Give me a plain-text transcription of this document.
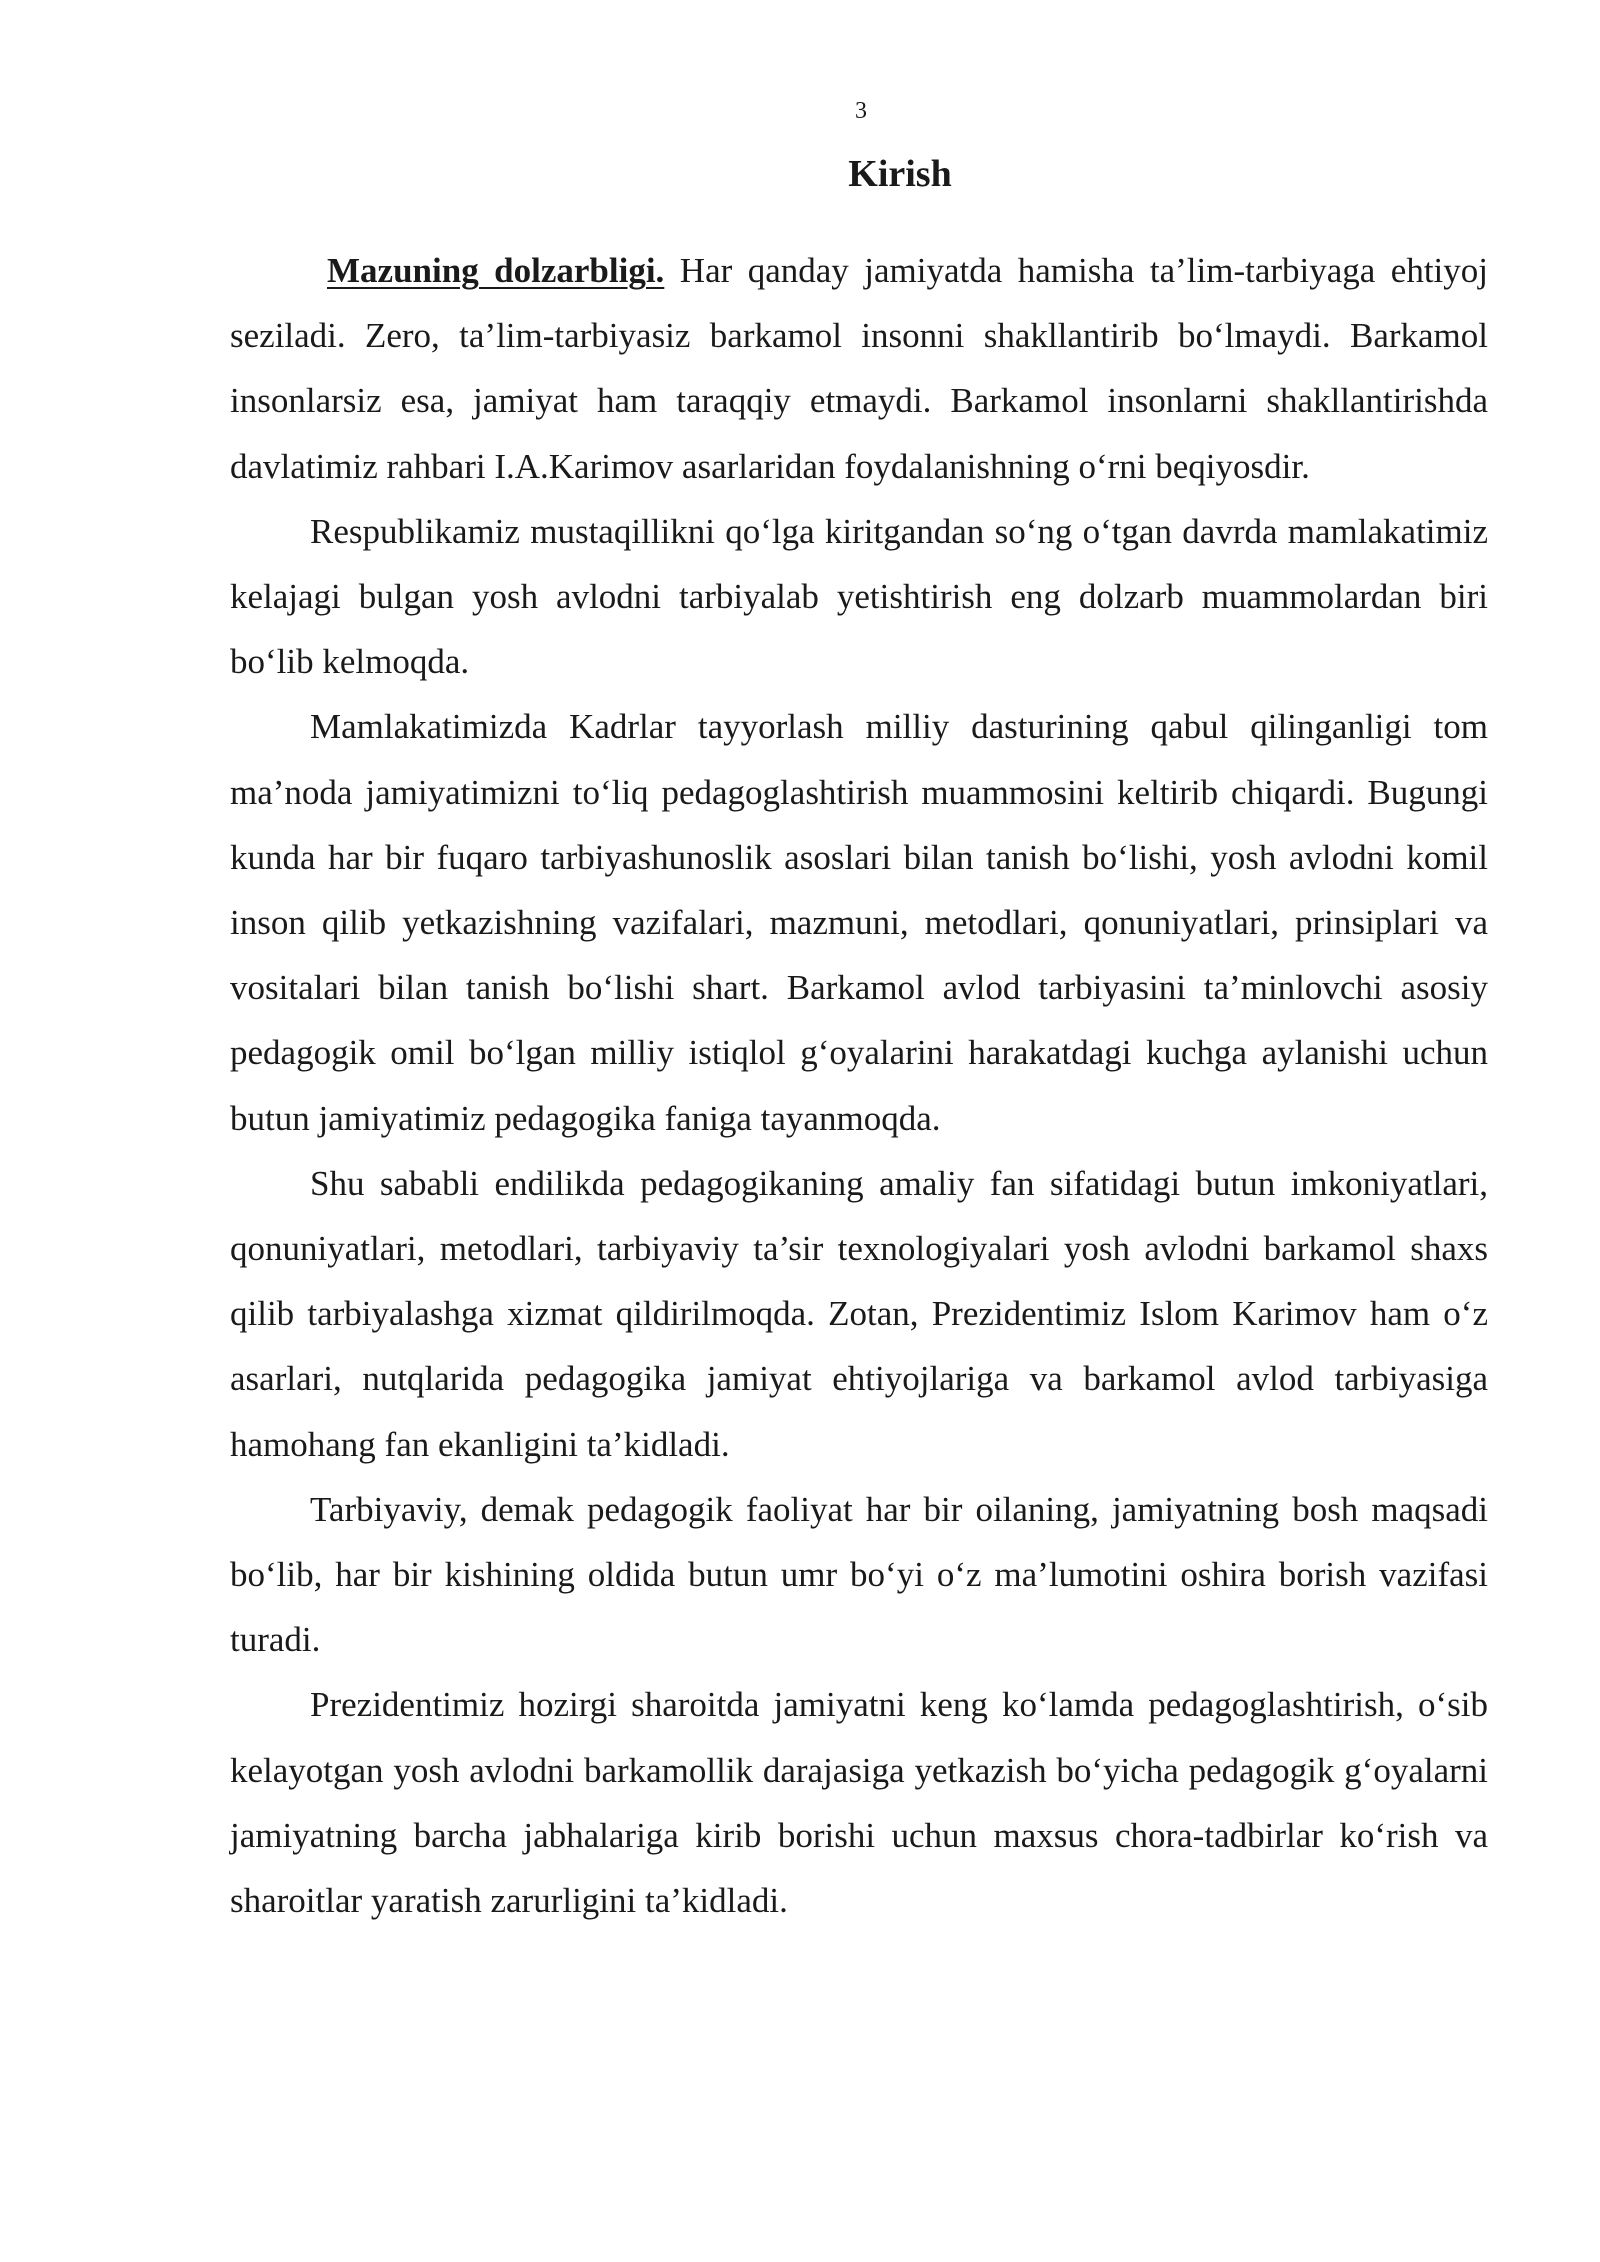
3
Kirish

Mazuning dolzarbligi. Har qanday jamiyatda hamisha ta’lim-tarbiyaga ehtiyoj seziladi. Zero, ta’lim-tarbiyasiz barkamol insonni shakllantirib bo‘lmaydi. Barkamol insonlarsiz esa, jamiyat ham taraqqiy etmaydi. Barkamol insonlarni shakllantirishda davlatimiz rahbari I.A.Karimov asarlaridan foydalanishning o‘rni beqiyosdir.

Respublikamiz mustaqillikni qo‘lga kiritgandan so‘ng o‘tgan davrda mamlakatimiz kelajagi bulgan yosh avlodni tarbiyalab yetishtirish eng dolzarb muammolardan biri bo‘lib kelmoqda.

Mamlakatimizda Kadrlar tayyorlash milliy dasturining qabul qilinganligi tom ma’noda jamiyatimizni to‘liq pedagoglashtirish muammosini keltirib chiqardi. Bugungi kunda har bir fuqaro tarbiyashunoslik asoslari bilan tanish bo‘lishi, yosh avlodni komil inson qilib yetkazishning vazifalari, mazmuni, metodlari, qonuniyatlari, prinsiplari va vositalari bilan tanish bo‘lishi shart. Barkamol avlod tarbiyasini ta’minlovchi asosiy pedagogik omil bo‘lgan milliy istiqlol g‘oyalarini harakatdagi kuchga aylanishi uchun butun jamiyatimiz pedagogika faniga tayanmoqda.

Shu sababli endilikda pedagogikaning amaliy fan sifatidagi butun imkoniyatlari, qonuniyatlari, metodlari, tarbiyaviy ta’sir texnologiyalari yosh avlodni barkamol shaxs qilib tarbiyalashga xizmat qildirilmoqda. Zotan, Prezidentimiz Islom Karimov ham o‘z asarlari, nutqlarida pedagogika jamiyat ehtiyojlariga va barkamol avlod tarbiyasiga hamohang fan ekanligini ta’kidladi.

Tarbiyaviy, demak pedagogik faoliyat har bir oilaning, jamiyatning bosh maqsadi bo‘lib, har bir kishining oldida butun umr bo‘yi o‘z ma’lumotini oshira borish vazifasi turadi.

Prezidentimiz hozirgi sharoitda jamiyatni keng ko‘lamda pedagoglashtirish, o‘sib kelayotgan yosh avlodni barkamollik darajasiga yetkazish bo‘yicha pedagogik g‘oyalarni jamiyatning barcha jabhalariga kirib borishi uchun maxsus chora-tadbirlar ko‘rish va sharoitlar yaratish zarurligini ta’kidladi.
